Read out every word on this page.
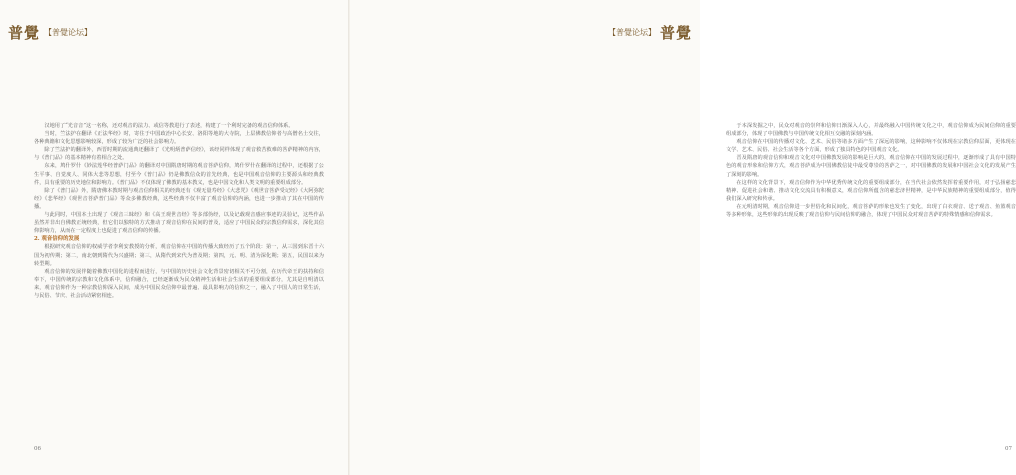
普覺 【普覺论坛】

汉地用了“光音音”这一名称，还对观音的法力、或信等教进行了表述，构建了一个利时完备的观音信仰体系。

当时，竺法护在翻译《正法华经》时，寄住于中国政治中心长安、洛阳等地的大寺院，上层佛教信仰者与高僧名士交往，各种典籍和文化思想影响较深，形成了较为广泛的社会影响力。

除了竺法护的翻译外，西晋时期的流通典还翻译了《光明炳普萨信经》，该经同样体现了观音救苦救难的菩萨精神的内容，与《普门品》的基本精神有着相合之处。

东来，鸠什罗什《妙法莲华经普萨门品》的翻译对中国隋唐时期的观音菩萨信仰，鸠什罗什在翻译的过程中，还根据了公生平事、自觉度人、同体大悲等思想，付至今《普门品》仍是佛教信众的首先经典，也是中国观音信仰的主要源头和经典教件，具有重要的历史地位和影响力。《普门品》不仅体现了佛教的基本教义，也是中国文化和人类文明的重要组成部分。

除了《普门品》外，隋唐佛本教时期与观音信仰相关的经典还有《观无量寿经》《大悲咒》《观世音菩萨受记经》《大阿弥陀经》《悲华经》《观世音菩萨普门品》等众多佛教经典，这些经典不仅丰富了观音信仰的内涵，也进一步推动了其在中国的传播。

与此同时，中国本土出现了《观音三昧经》和《高王观世音经》等多部伪经，以及记载观音感应事迹的灵验记，这些作品虽然并非出自佛教正统经典，但它们以独特的方式推动了观音信仰在民间的普及，适应了中国民众的宗教信仰需求，深化其信仰影响力，从而在一定程度上也促进了观音信仰的传播。

2. 观音信仰的发展

根据研究观音信仰的权威学者李利安教授的分析，观音信仰在中国的传播大致经历了五个阶段：第一，从三国到东晋十六国为初传期；第二，南北朝到隋代为兴盛期；第三，从隋代到宋代为普及期；第四，元、明、清为深化期；第五，民国以来为转型期。

观音信仰的发展伴随着佛教中国化的进程而进行，与中国的历史社会文化背景密切相关不可分割，在历代帝王的扶持和信奉下，中国传统的宗教和文化体系中，信仰融合，已经逐渐成为民众精神生活和社会生活的重要组成部分，尤其是自明清以来，观音信仰作为一种宗教信仰深入民间，成为中国民众信仰中最普遍、最具影响力的信仰之一，融入了中国人的日常生活，与民俗、节庆、社会活动紧密相连。

06
【普覺论坛】 普覺

于本深发掘之中，民众对观音的崇拜和信仰日渐深入人心，并最终融入中国传统文化之中，观音信仰成为民间信仰的重要组成部分，体现了中国佛教与中国传统文化相互交融的深刻内涵。

观音信仰在中国的传播对文化、艺术、民俗等诸多方面产生了深远的影响，这种影响不仅体现在宗教信仰层面，更体现在文学、艺术、民俗、社会生活等各个方面，形成了独具特色的中国观音文化。

晋及隋唐的观音信仰和观音文化对中国佛教发展的影响是巨大的，观音信仰在中国的发展过程中，逐渐形成了具有中国特色的观音形象和信仰方式，观音菩萨成为中国佛教信徒中最受尊崇的菩萨之一，对中国佛教的发展和中国社会文化的发展产生了深刻的影响。

在这样的文化背景下，观音信仰作为中华优秀传统文化的重要组成部分，在当代社会依然发挥着重要作用，对于弘扬慈悲精神、促进社会和谐、推动文化交流具有积极意义，观音信仰所蕴含的慈悲济世精神，是中华民族精神的重要组成部分，值得我们深入研究和传承。

在元明清时期，观音信仰进一步世俗化和民间化，观音菩萨的形象也发生了变化，出现了白衣观音、送子观音、鱼篮观音等多种形象，这些形象的出现反映了观音信仰与民间信仰的融合，体现了中国民众对观音菩萨的特殊情感和信仰需求。

07
